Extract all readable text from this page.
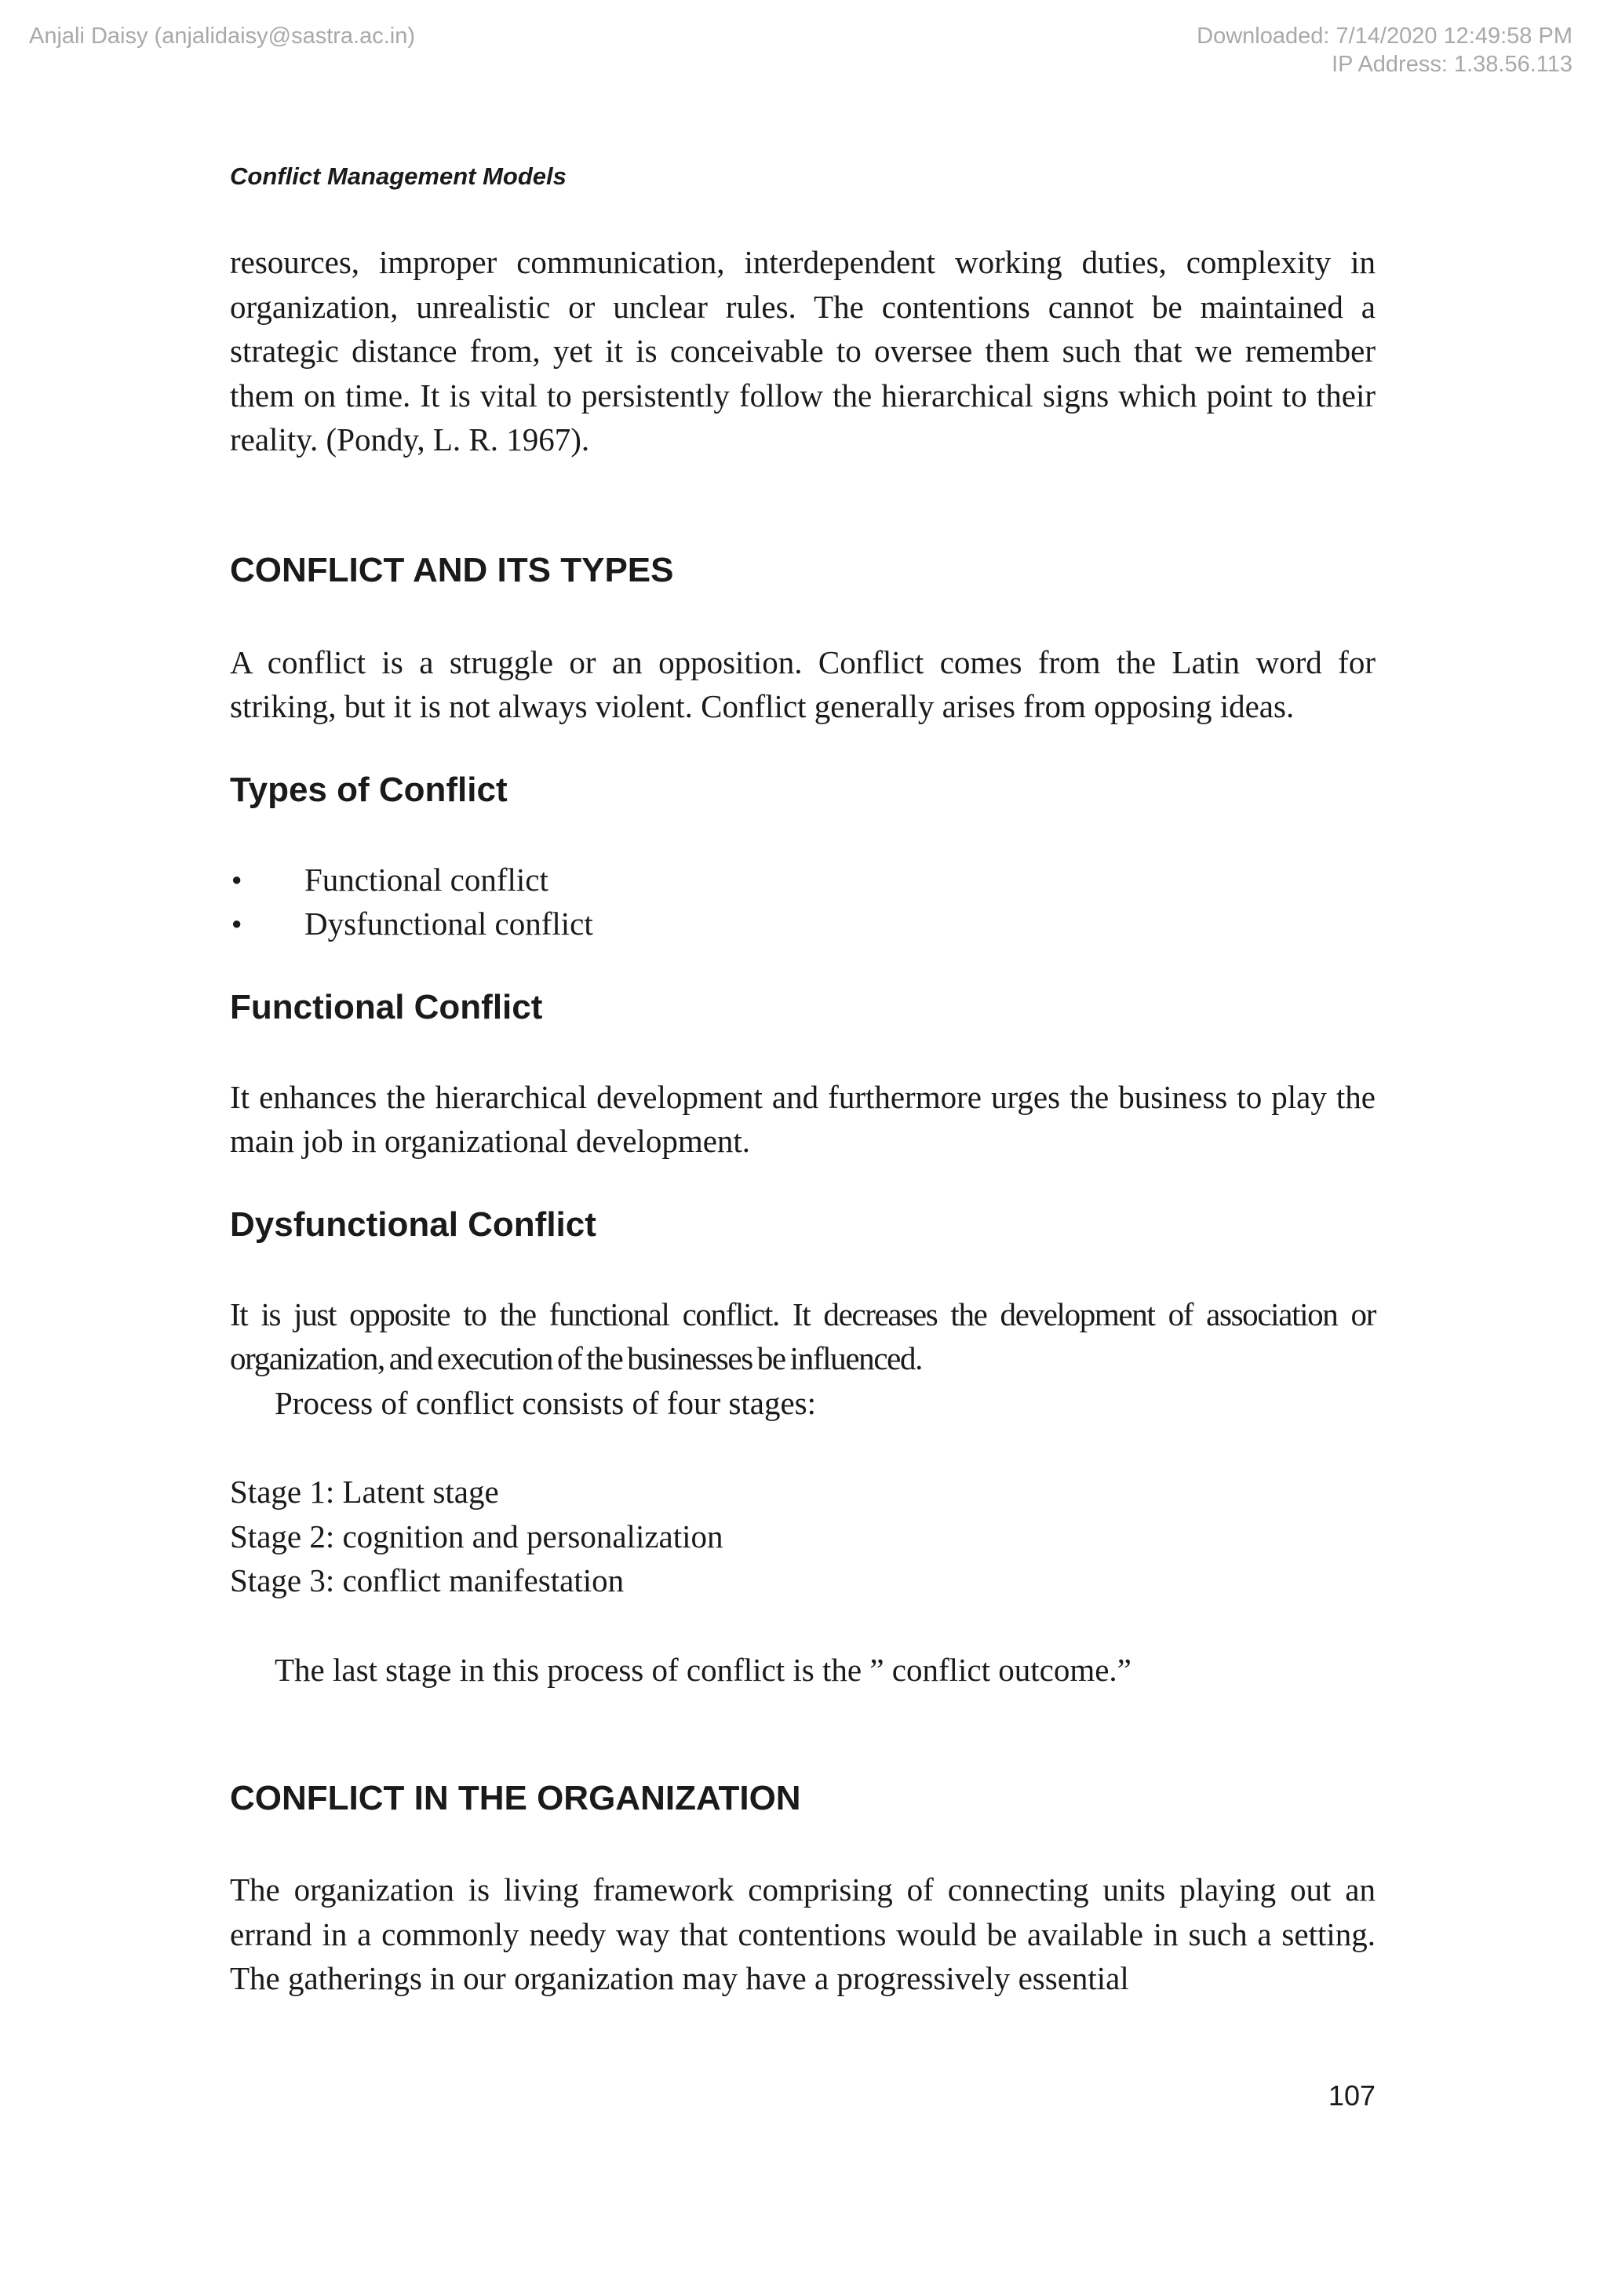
Anjali Daisy (anjalidaisy@sastra.ac.in)	Downloaded: 7/14/2020 12:49:58 PM
IP Address: 1.38.56.113
Conflict Management Models

resources, improper communication, interdependent working duties, complexity in organization, unrealistic or unclear rules. The contentions cannot be maintained a strategic distance from, yet it is conceivable to oversee them such that we remember them on time. It is vital to persistently follow the hierarchical signs which point to their reality. (Pondy, L. R. 1967).

CONFLICT AND ITS TYPES

A conflict is a struggle or an opposition. Conflict comes from the Latin word for striking, but it is not always violent. Conflict generally arises from opposing ideas.

Types of Conflict
● Functional conflict
● Dysfunctional conflict
Functional Conflict

It enhances the hierarchical development and furthermore urges the business to play the main job in organizational development.

Dysfunctional Conflict

It is just opposite to the functional conflict. It decreases the development of association or organization, and execution of the businesses be influenced.

Process of conflict consists of four stages:

Stage 1: Latent stage
Stage 2: cognition and personalization
Stage 3: conflict manifestation

The last stage in this process of conflict is the ” conflict outcome.”

CONFLICT IN THE ORGANIZATION

The organization is living framework comprising of connecting units playing out an errand in a commonly needy way that contentions would be available in such a setting. The gatherings in our organization may have a progressively essential

107
